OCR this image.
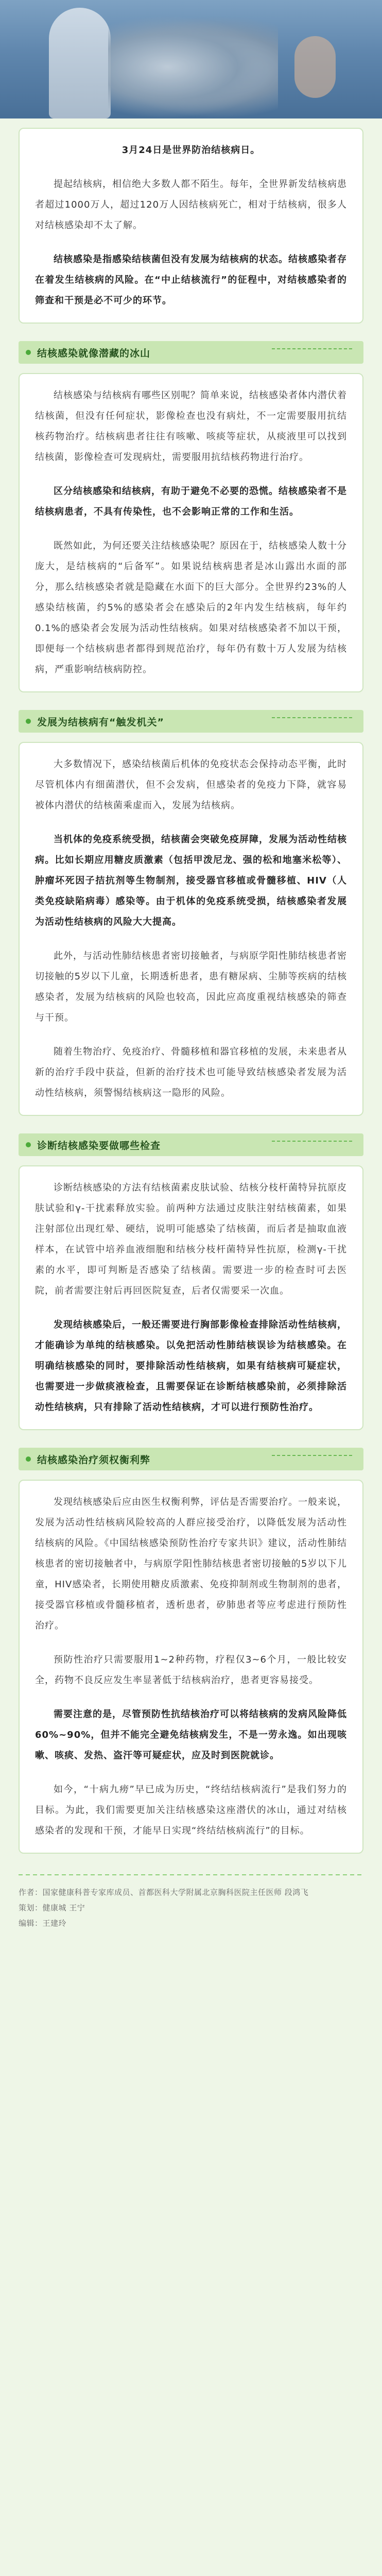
3月24日是世界防治结核病日。

提起结核病，相信绝大多数人都不陌生。每年，全世界新发结核病患者超过1000万人，超过120万人因结核病死亡，相对于结核病，很多人对结核感染却不太了解。

结核感染是指感染结核菌但没有发展为结核病的状态。结核感染者存在着发生结核病的风险。在“中止结核流行”的征程中，对结核感染者的筛查和干预是必不可少的环节。

结核感染就像潜藏的冰山

结核感染与结核病有哪些区别呢？简单来说，结核感染者体内潜伏着结核菌，但没有任何症状，影像检查也没有病灶，不一定需要服用抗结核药物治疗。结核病患者往往有咳嗽、咳痰等症状，从痰液里可以找到结核菌，影像检查可发现病灶，需要服用抗结核药物进行治疗。

区分结核感染和结核病，有助于避免不必要的恐慌。结核感染者不是结核病患者，不具有传染性，也不会影响正常的工作和生活。

既然如此，为何还要关注结核感染呢？原因在于，结核感染人数十分庞大，是结核病的“后备军”。如果说结核病患者是冰山露出水面的部分，那么结核感染者就是隐藏在水面下的巨大部分。全世界约23%的人感染结核菌，约5%的感染者会在感染后的2年内发生结核病，每年约0.1%的感染者会发展为活动性结核病。如果对结核感染者不加以干预，即便每一个结核病患者都得到规范治疗，每年仍有数十万人发展为结核病，严重影响结核病防控。

发展为结核病有“触发机关”

大多数情况下，感染结核菌后机体的免疫状态会保持动态平衡，此时尽管机体内有细菌潜伏，但不会发病，但感染者的免疫力下降，就容易被体内潜伏的结核菌乘虚而入，发展为结核病。

当机体的免疫系统受损，结核菌会突破免疫屏障，发展为活动性结核病。比如长期应用糖皮质激素（包括甲泼尼龙、强的松和地塞米松等）、肿瘤坏死因子拮抗剂等生物制剂，接受器官移植或骨髓移植、HIV（人类免疫缺陷病毒）感染等。由于机体的免疫系统受损，结核感染者发展为活动性结核病的风险大大提高。

此外，与活动性肺结核患者密切接触者，与病原学阳性肺结核患者密切接触的5岁以下儿童，长期透析患者，患有糖尿病、尘肺等疾病的结核感染者，发展为结核病的风险也较高，因此应高度重视结核感染的筛查与干预。

随着生物治疗、免疫治疗、骨髓移植和器官移植的发展，未来患者从新的治疗手段中获益，但新的治疗技术也可能导致结核感染者发展为活动性结核病，须警惕结核病这一隐形的风险。

诊断结核感染要做哪些检查

诊断结核感染的方法有结核菌素皮肤试验、结核分枝杆菌特异抗原皮肤试验和γ-干扰素释放实验。前两种方法通过皮肤注射结核菌素，如果注射部位出现红晕、硬结，说明可能感染了结核菌，而后者是抽取血液样本，在试管中培养血液细胞和结核分枝杆菌特异性抗原，检测γ-干扰素的水平，即可判断是否感染了结核菌。需要进一步的检查时可去医院，前者需要注射后再回医院复查，后者仅需要采一次血。

发现结核感染后，一般还需要进行胸部影像检查排除活动性结核病，才能确诊为单纯的结核感染。以免把活动性肺结核误诊为结核感染。在明确结核感染的同时，要排除活动性结核病，如果有结核病可疑症状，也需要进一步做痰液检查，且需要保证在诊断结核感染前，必须排除活动性结核病，只有排除了活动性结核病，才可以进行预防性治疗。

结核感染治疗须权衡利弊

发现结核感染后应由医生权衡利弊，评估是否需要治疗。一般来说，发展为活动性结核病风险较高的人群应接受治疗，以降低发展为活动性结核病的风险。《中国结核感染预防性治疗专家共识》建议，活动性肺结核患者的密切接触者中，与病原学阳性肺结核患者密切接触的5岁以下儿童，HIV感染者，长期使用糖皮质激素、免疫抑制剂或生物制剂的患者，接受器官移植或骨髓移植者，透析患者，矽肺患者等应考虑进行预防性治疗。

预防性治疗只需要服用1~2种药物，疗程仅3~6个月，一般比较安全，药物不良反应发生率显著低于结核病治疗，患者更容易接受。

需要注意的是，尽管预防性抗结核治疗可以将结核病的发病风险降低60%~90%，但并不能完全避免结核病发生，不是一劳永逸。如出现咳嗽、咳痰、发热、盗汗等可疑症状，应及时到医院就诊。

如今，“十病九痨”早已成为历史，“终结结核病流行”是我们努力的目标。为此，我们需要更加关注结核感染这座潜伏的冰山，通过对结核感染者的发现和干预，才能早日实现“终结结核病流行”的目标。

作者：国家健康科普专家库成员、首都医科大学附属北京胸科医院主任医师 段鸿飞
策划：健康城 王宁
编辑：王建玲
